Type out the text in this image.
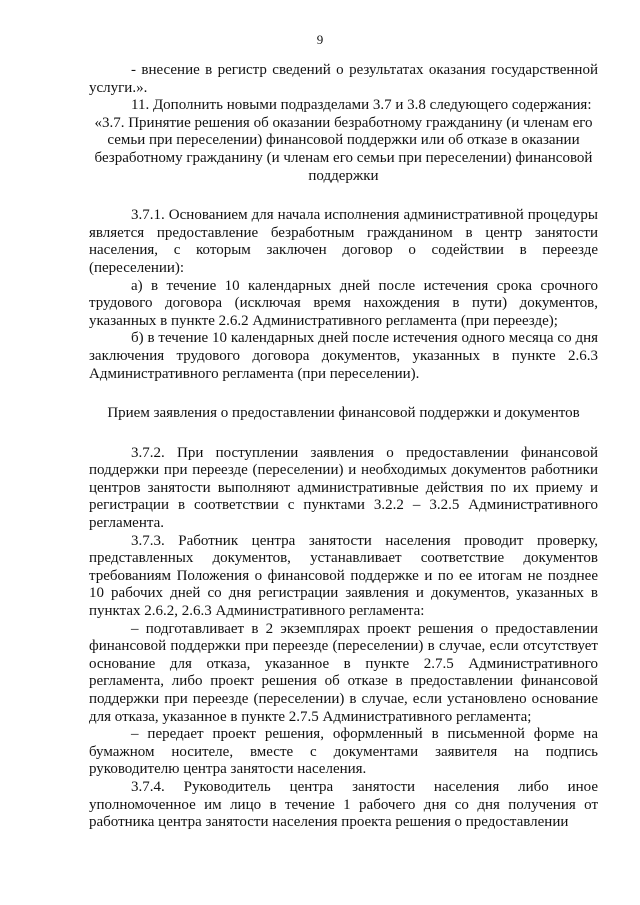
9

- внесение в регистр сведений о результатах оказания государственной услуги.».

11. Дополнить новыми подразделами 3.7 и 3.8 следующего содержания:

«3.7. Принятие решения об оказании безработному гражданину (и членам его семьи при переселении) финансовой поддержки или об отказе в оказании безработному гражданину (и членам его семьи при переселении) финансовой поддержки

3.7.1. Основанием для начала исполнения административной процедуры является предоставление безработным гражданином в центр занятости населения, с которым заключен договор о содействии в переезде (переселении):

а) в течение 10 календарных дней после истечения срока срочного трудового договора (исключая время нахождения в пути) документов, указанных в пункте 2.6.2 Административного регламента (при переезде);

б) в течение 10 календарных дней после истечения одного месяца со дня заключения трудового договора документов, указанных в пункте 2.6.3 Административного регламента (при переселении).

Прием заявления о предоставлении финансовой поддержки и документов

3.7.2. При поступлении заявления о предоставлении финансовой поддержки при переезде (переселении) и необходимых документов работники центров занятости выполняют административные действия по их приему и регистрации в соответствии с пунктами 3.2.2 – 3.2.5 Административного регламента.

3.7.3. Работник центра занятости населения проводит проверку, представленных документов, устанавливает соответствие документов требованиям Положения о финансовой поддержке и по ее итогам не позднее 10 рабочих дней со дня регистрации заявления и документов, указанных в пунктах 2.6.2, 2.6.3 Административного регламента:

– подготавливает в 2 экземплярах проект решения о предоставлении финансовой поддержки при переезде (переселении) в случае, если отсутствует основание для отказа, указанное в пункте 2.7.5 Административного регламента, либо проект решения об отказе в предоставлении финансовой поддержки при переезде (переселении) в случае, если установлено основание для отказа, указанное в пункте 2.7.5 Административного регламента;

– передает проект решения, оформленный в письменной форме на бумажном носителе, вместе с документами заявителя на подпись руководителю центра занятости населения.

3.7.4. Руководитель центра занятости населения либо иное уполномоченное им лицо в течение 1 рабочего дня со дня получения от работника центра занятости населения проекта решения о предоставлении
